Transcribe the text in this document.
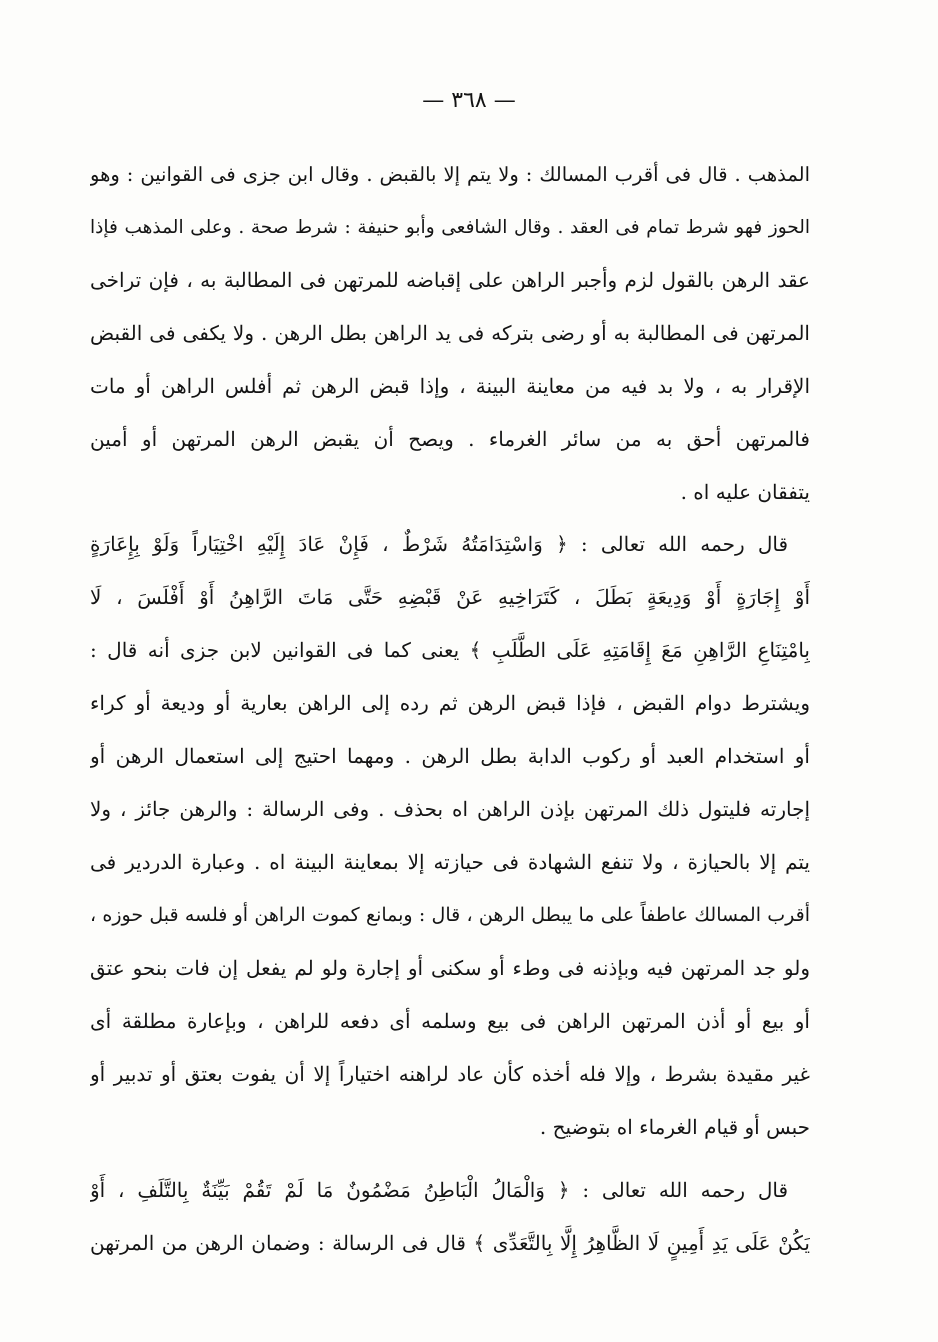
— ٣٦٨ —
المذهب . قال فى أقرب المسالك : ولا يتم إلا بالقبض . وقال ابن جزى فى القوانين : وهو
الحوز فهو شرط تمام فى العقد . وقال الشافعى وأبو حنيفة : شرط صحة . وعلى المذهب فإذا
عقد الرهن بالقول لزم وأجبر الراهن على إقباضه للمرتهن فى المطالبة به ، فإن تراخى
المرتهن فى المطالبة به أو رضى بتركه فى يد الراهن بطل الرهن . ولا يكفى فى القبض
الإقرار به ، ولا بد فيه من معاينة البينة ، وإذا قبض الرهن ثم أفلس الراهن أو مات
فالمرتهن أحق به من سائر الغرماء . ويصح أن يقبض الرهن المرتهن أو أمين
يتفقان عليه اه .
قال رحمه الله تعالى : ﴿ وَاسْتِدَامَتُهُ شَرْطٌ ، فَإِنْ عَادَ إِلَيْهِ اخْتِيَاراً وَلَوْ بِإِعَارَةٍ
أَوْ إِجَارَةٍ أَوْ وَدِيعَةٍ بَطَلَ ، كَتَرَاخِيهِ عَنْ قَبْضِهِ حَتَّى مَاتَ الرَّاهِنُ أَوْ أَفْلَسَ ، لَا
بِامْتِنَاعِ الرَّاهِنِ مَعَ إِقَامَتِهِ عَلَى الطَّلَبِ ﴾ يعنى كما فى القوانين لابن جزى أنه قال :
ويشترط دوام القبض ، فإذا قبض الرهن ثم رده إلى الراهن بعارية أو وديعة أو كراء
أو استخدام العبد أو ركوب الدابة بطل الرهن . ومهما احتيج إلى استعمال الرهن أو
إجارته فليتول ذلك المرتهن بإذن الراهن اه بحذف . وفى الرسالة : والرهن جائز ، ولا
يتم إلا بالحيازة ، ولا تنفع الشهادة فى حيازته إلا بمعاينة البينة اه . وعبارة الدردير فى
أقرب المسالك عاطفاً على ما يبطل الرهن ، قال : وبمانع كموت الراهن أو فلسه قبل حوزه ،
ولو جد المرتهن فيه وبإذنه فى وطء أو سكنى أو إجارة ولو لم يفعل إن فات بنحو عتق
أو بيع أو أذن المرتهن الراهن فى بيع وسلمه أى دفعه للراهن ، وبإعارة مطلقة أى
غير مقيدة بشرط ، وإلا فله أخذه كأن عاد لراهنه اختياراً إلا أن يفوت بعتق أو تدبير أو
حبس أو قيام الغرماء اه بتوضيح .
قال رحمه الله تعالى : ﴿ وَالْمَالُ الْبَاطِنُ مَضْمُونٌ مَا لَمْ تَقُمْ بَيِّنَةٌ بِالتَّلَفِ ، أَوْ
يَكُنْ عَلَى يَدِ أَمِينٍ لَا الظَّاهِرُ إِلَّا بِالتَّعَدِّى ﴾ قال فى الرسالة : وضمان الرهن من المرتهن
